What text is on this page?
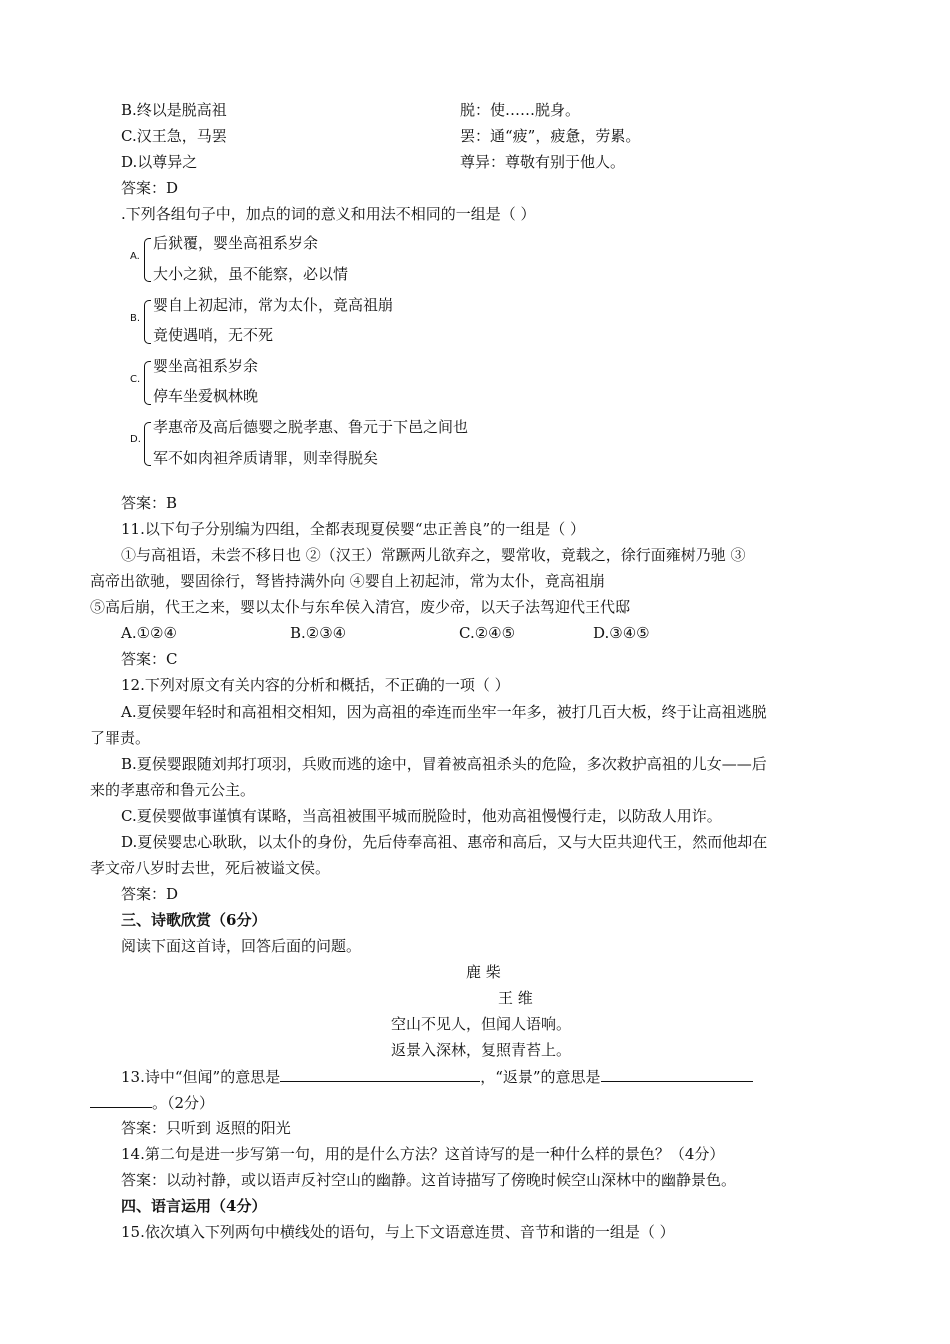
B.终以是脱高祖	脱：使……脱身。
C.汉王急，马罢	罢：通“疲”，疲惫，劳累。
D.以尊异之	尊异：尊敬有别于他人。
答案：D
.下列各组句子中，加点的词的意义和用法不相同的一组是（ ）
A.
后狱覆，婴坐高祖系岁余
大小之狱，虽不能察，必以情
B.
婴自上初起沛，常为太仆，竟高祖崩
竟使遇哨，无不死
C.
婴坐高祖系岁余
停车坐爱枫林晚
D.
孝惠帝及高后德婴之脱孝惠、鲁元于下邑之间也
军不如肉袒斧质请罪，则幸得脱矣
答案：B
11.以下句子分别编为四组，全都表现夏侯婴“忠正善良”的一组是（ ）
①与高祖语，未尝不移日也 ②（汉王）常蹶两儿欲弃之，婴常收，竟载之，徐行面雍树乃驰 ③
高帝出欲驰，婴固徐行，弩皆持满外向 ④婴自上初起沛，常为太仆，竟高祖崩
⑤高后崩，代王之来，婴以太仆与东牟侯入清宫，废少帝，以天子法驾迎代王代邸
A.①②④	B.②③④	C.②④⑤	D.③④⑤
答案：C
12.下列对原文有关内容的分析和概括，不正确的一项（ ）
A.夏侯婴年轻时和高祖相交相知，因为高祖的牵连而坐牢一年多，被打几百大板，终于让高祖逃脱
了罪责。
B.夏侯婴跟随刘邦打项羽，兵败而逃的途中，冒着被高祖杀头的危险，多次救护高祖的儿女——后
来的孝惠帝和鲁元公主。
C.夏侯婴做事谨慎有谋略，当高祖被围平城而脱险时，他劝高祖慢慢行走，以防敌人用诈。
D.夏侯婴忠心耿耿，以太仆的身份，先后侍奉高祖、惠帝和高后，又与大臣共迎代王，然而他却在
孝文帝八岁时去世，死后被谥文侯。
答案：D
三、诗歌欣赏（6分）
阅读下面这首诗，回答后面的问题。
鹿 柴
王 维
空山不见人，但闻人语响。
返景入深林，复照青苔上。
13.诗中“但闻”的意思是	，“返景”的意思是
。（2分）
答案：只听到 返照的阳光
14.第二句是进一步写第一句，用的是什么方法？这首诗写的是一种什么样的景色？（4分）
答案：以动衬静，或以语声反衬空山的幽静。这首诗描写了傍晚时候空山深林中的幽静景色。
四、语言运用（4分）
15.依次填入下列两句中横线处的语句，与上下文语意连贯、音节和谐的一组是（ ）
